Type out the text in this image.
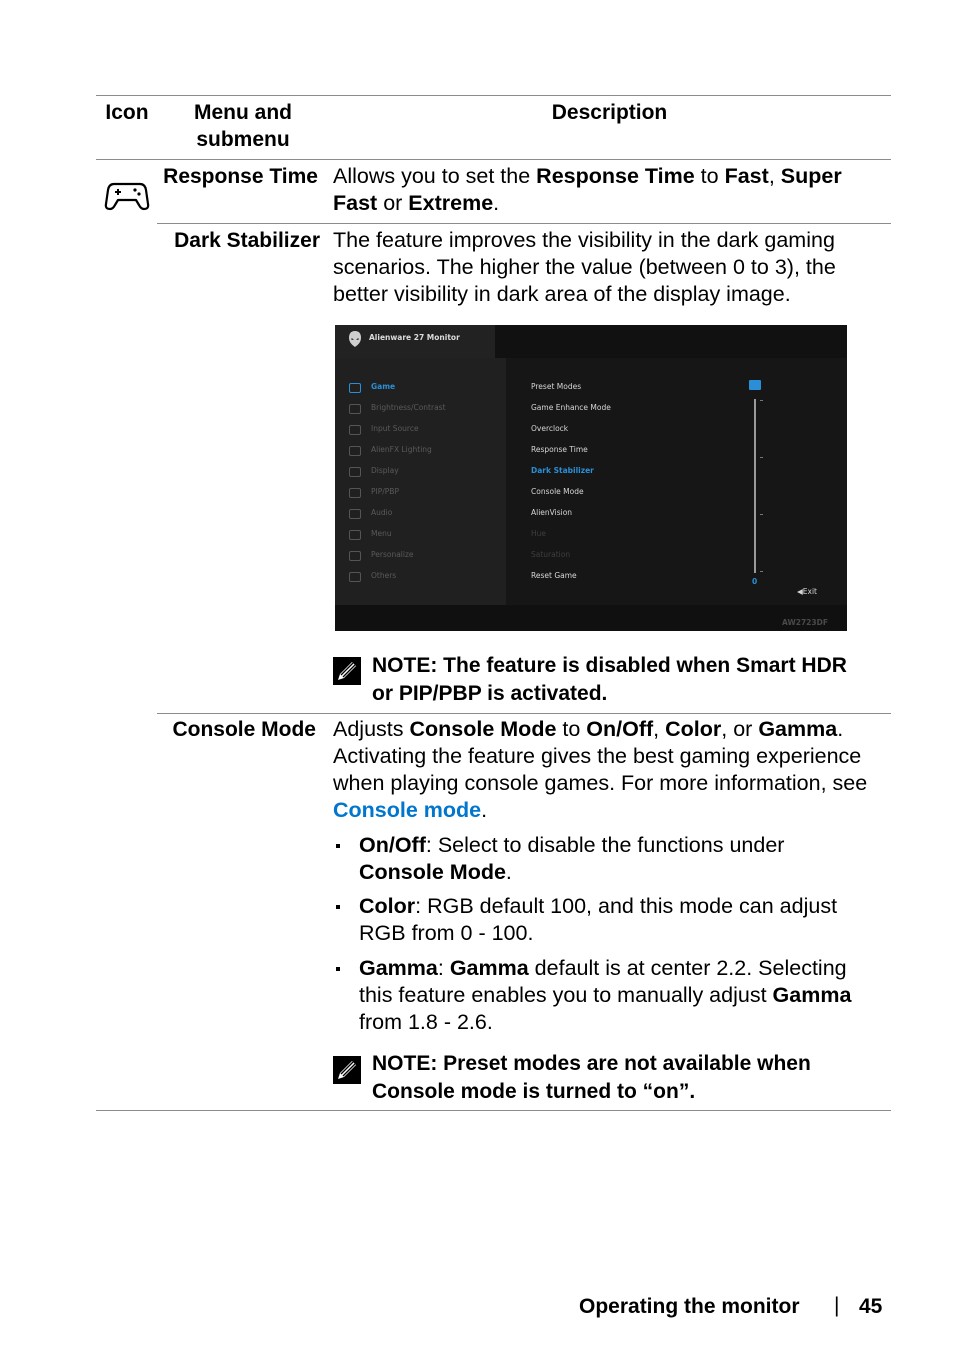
Icon	Menu and submenu
Description
Response Time Allows you to set the Response Time to Fast, Super
Fast or Extreme.
Dark Stabilizer The feature improves the visibility in the dark gaming
scenarios. The higher the value (between 0 to 3), the
better visibility in dark area of the display image.
Alienware 27 Monitor
Game
Brightness/Contrast
Input Source
AlienFX Lighting
Display
PIP/PBP
Audio
Menu
Personalize
Others
Preset Modes
Game Enhance Mode
Overclock
Response Time
Dark Stabilizer
Console Mode
AlienVision
Hue
Saturation
Reset Game
0
◀Exit
AW2723DF
NOTE: The feature is disabled when Smart HDR
or PIP/PBP is activated.
Console Mode Adjusts Console Mode to On/Off, Color, or Gamma.
Activating the feature gives the best gaming experience
when playing console games. For more information, see
Console mode.
On/Off: Select to disable the functions under
Console Mode.
Color: RGB default 100, and this mode can adjust
RGB from 0 - 100.
Gamma: Gamma default is at center 2.2. Selecting
this feature enables you to manually adjust Gamma
from 1.8 - 2.6.
NOTE: Preset modes are not available when
Console mode is turned to “on”.
Operating the monitor | 45
